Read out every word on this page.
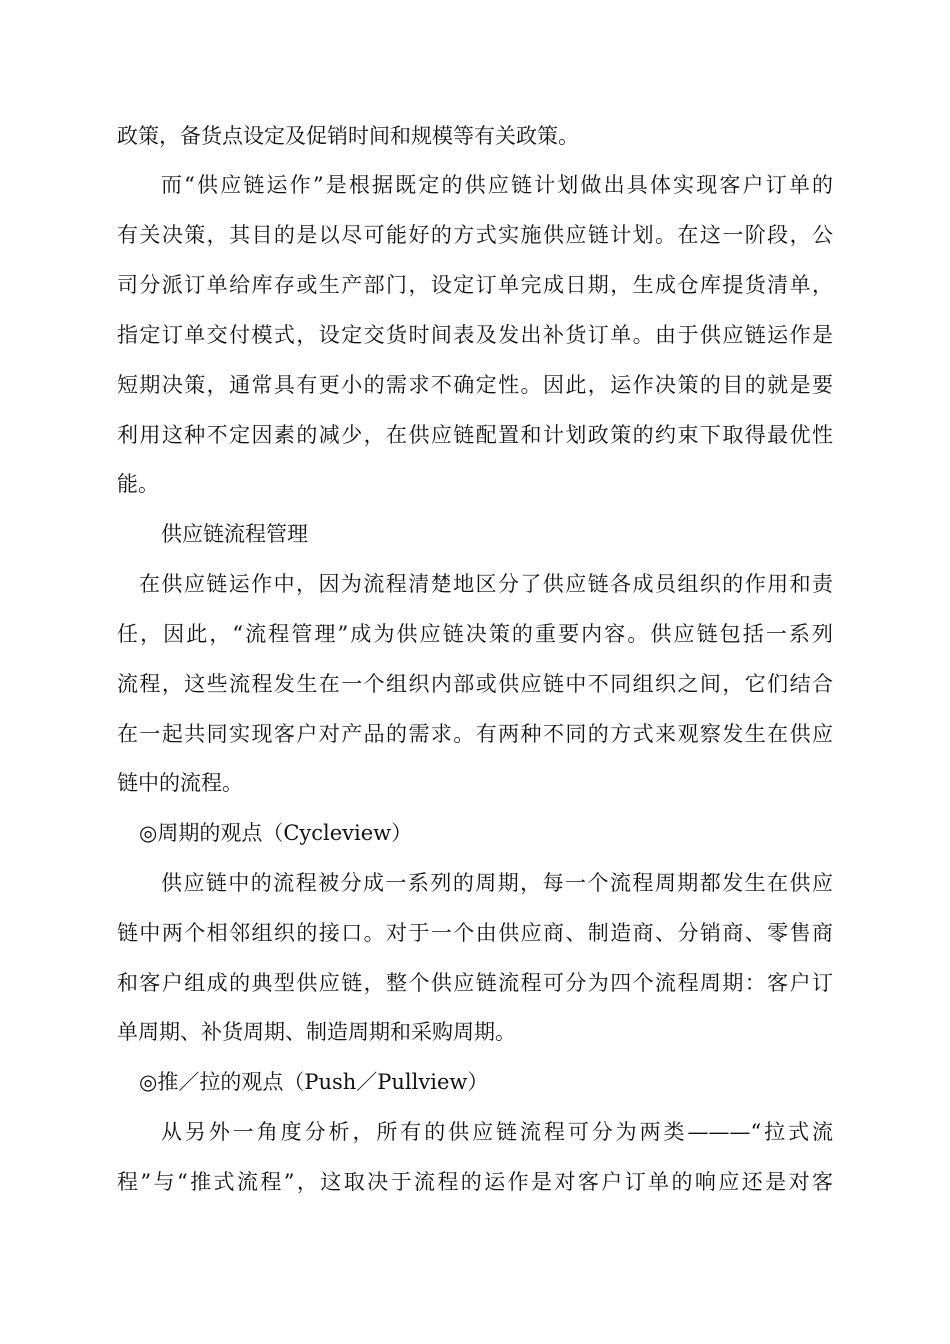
政策，备货点设定及促销时间和规模等有关政策。
而“供应链运作”是根据既定的供应链计划做出具体实现客户订单的
有关决策，其目的是以尽可能好的方式实施供应链计划。在这一阶段，公
司分派订单给库存或生产部门，设定订单完成日期，生成仓库提货清单，
指定订单交付模式，设定交货时间表及发出补货订单。由于供应链运作是
短期决策，通常具有更小的需求不确定性。因此，运作决策的目的就是要
利用这种不定因素的减少，在供应链配置和计划政策的约束下取得最优性
能。
供应链流程管理
在供应链运作中，因为流程清楚地区分了供应链各成员组织的作用和责
任，因此，“流程管理”成为供应链决策的重要内容。供应链包括一系列
流程，这些流程发生在一个组织内部或供应链中不同组织之间，它们结合
在一起共同实现客户对产品的需求。有两种不同的方式来观察发生在供应
链中的流程。
◎周期的观点（Cycleview）
供应链中的流程被分成一系列的周期，每一个流程周期都发生在供应
链中两个相邻组织的接口。对于一个由供应商、制造商、分销商、零售商
和客户组成的典型供应链，整个供应链流程可分为四个流程周期：客户订
单周期、补货周期、制造周期和采购周期。
◎推／拉的观点（Push／Pullview）
从另外一角度分析，所有的供应链流程可分为两类———“拉式流
程”与“推式流程”，这取决于流程的运作是对客户订单的响应还是对客
